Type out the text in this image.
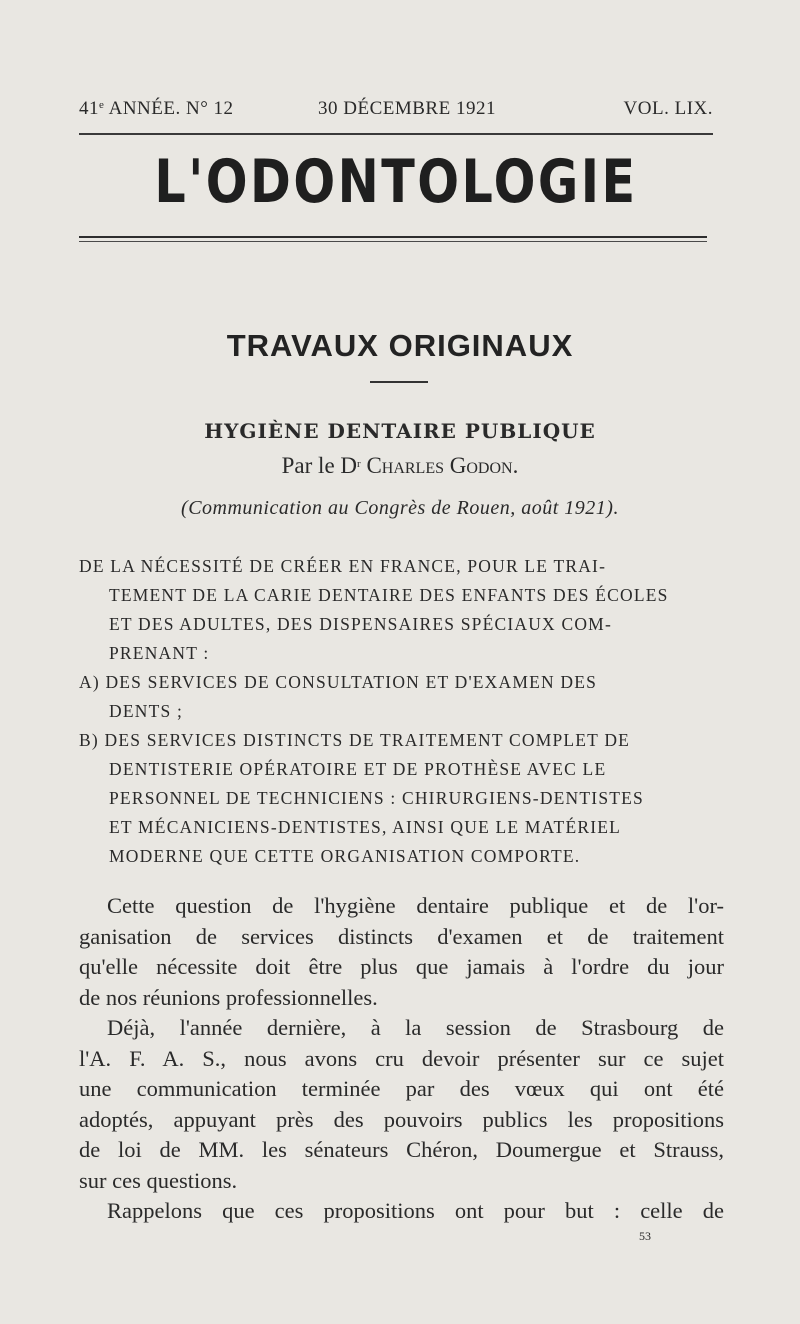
41e ANNÉE. N° 12	30 DÉCEMBRE 1921	VOL. LIX.
L'ODONTOLOGIE
TRAVAUX ORIGINAUX
HYGIÈNE DENTAIRE PUBLIQUE
Par le $D^r$ Charles Godon.
(Communication au Congrès de Rouen, août 1921).
DE LA NÉCESSITÉ DE CRÉER EN FRANCE, POUR LE TRAI-
TEMENT DE LA CARIE DENTAIRE DES ENFANTS DES ÉCOLES
ET DES ADULTES, DES DISPENSAIRES SPÉCIAUX COM-
PRENANT :
A) DES SERVICES DE CONSULTATION ET D'EXAMEN DES
DENTS ;
B) DES SERVICES DISTINCTS DE TRAITEMENT COMPLET DE
DENTISTERIE OPÉRATOIRE ET DE PROTHÈSE AVEC LE
PERSONNEL DE TECHNICIENS : CHIRURGIENS-DENTISTES
ET MÉCANICIENS-DENTISTES, AINSI QUE LE MATÉRIEL
MODERNE QUE CETTE ORGANISATION COMPORTE.
Cette question de l'hygiène dentaire publique et de l'or-
ganisation de services distincts d'examen et de traitement
qu'elle nécessite doit être plus que jamais à l'ordre du jour
de nos réunions professionnelles.
Déjà, l'année dernière, à la session de Strasbourg de
l'A. F. A. S., nous avons cru devoir présenter sur ce sujet
une communication terminée par des vœux qui ont été
adoptés, appuyant près des pouvoirs publics les propositions
de loi de MM. les sénateurs Chéron, Doumergue et Strauss,
sur ces questions.
Rappelons que ces propositions ont pour but : celle de
53
